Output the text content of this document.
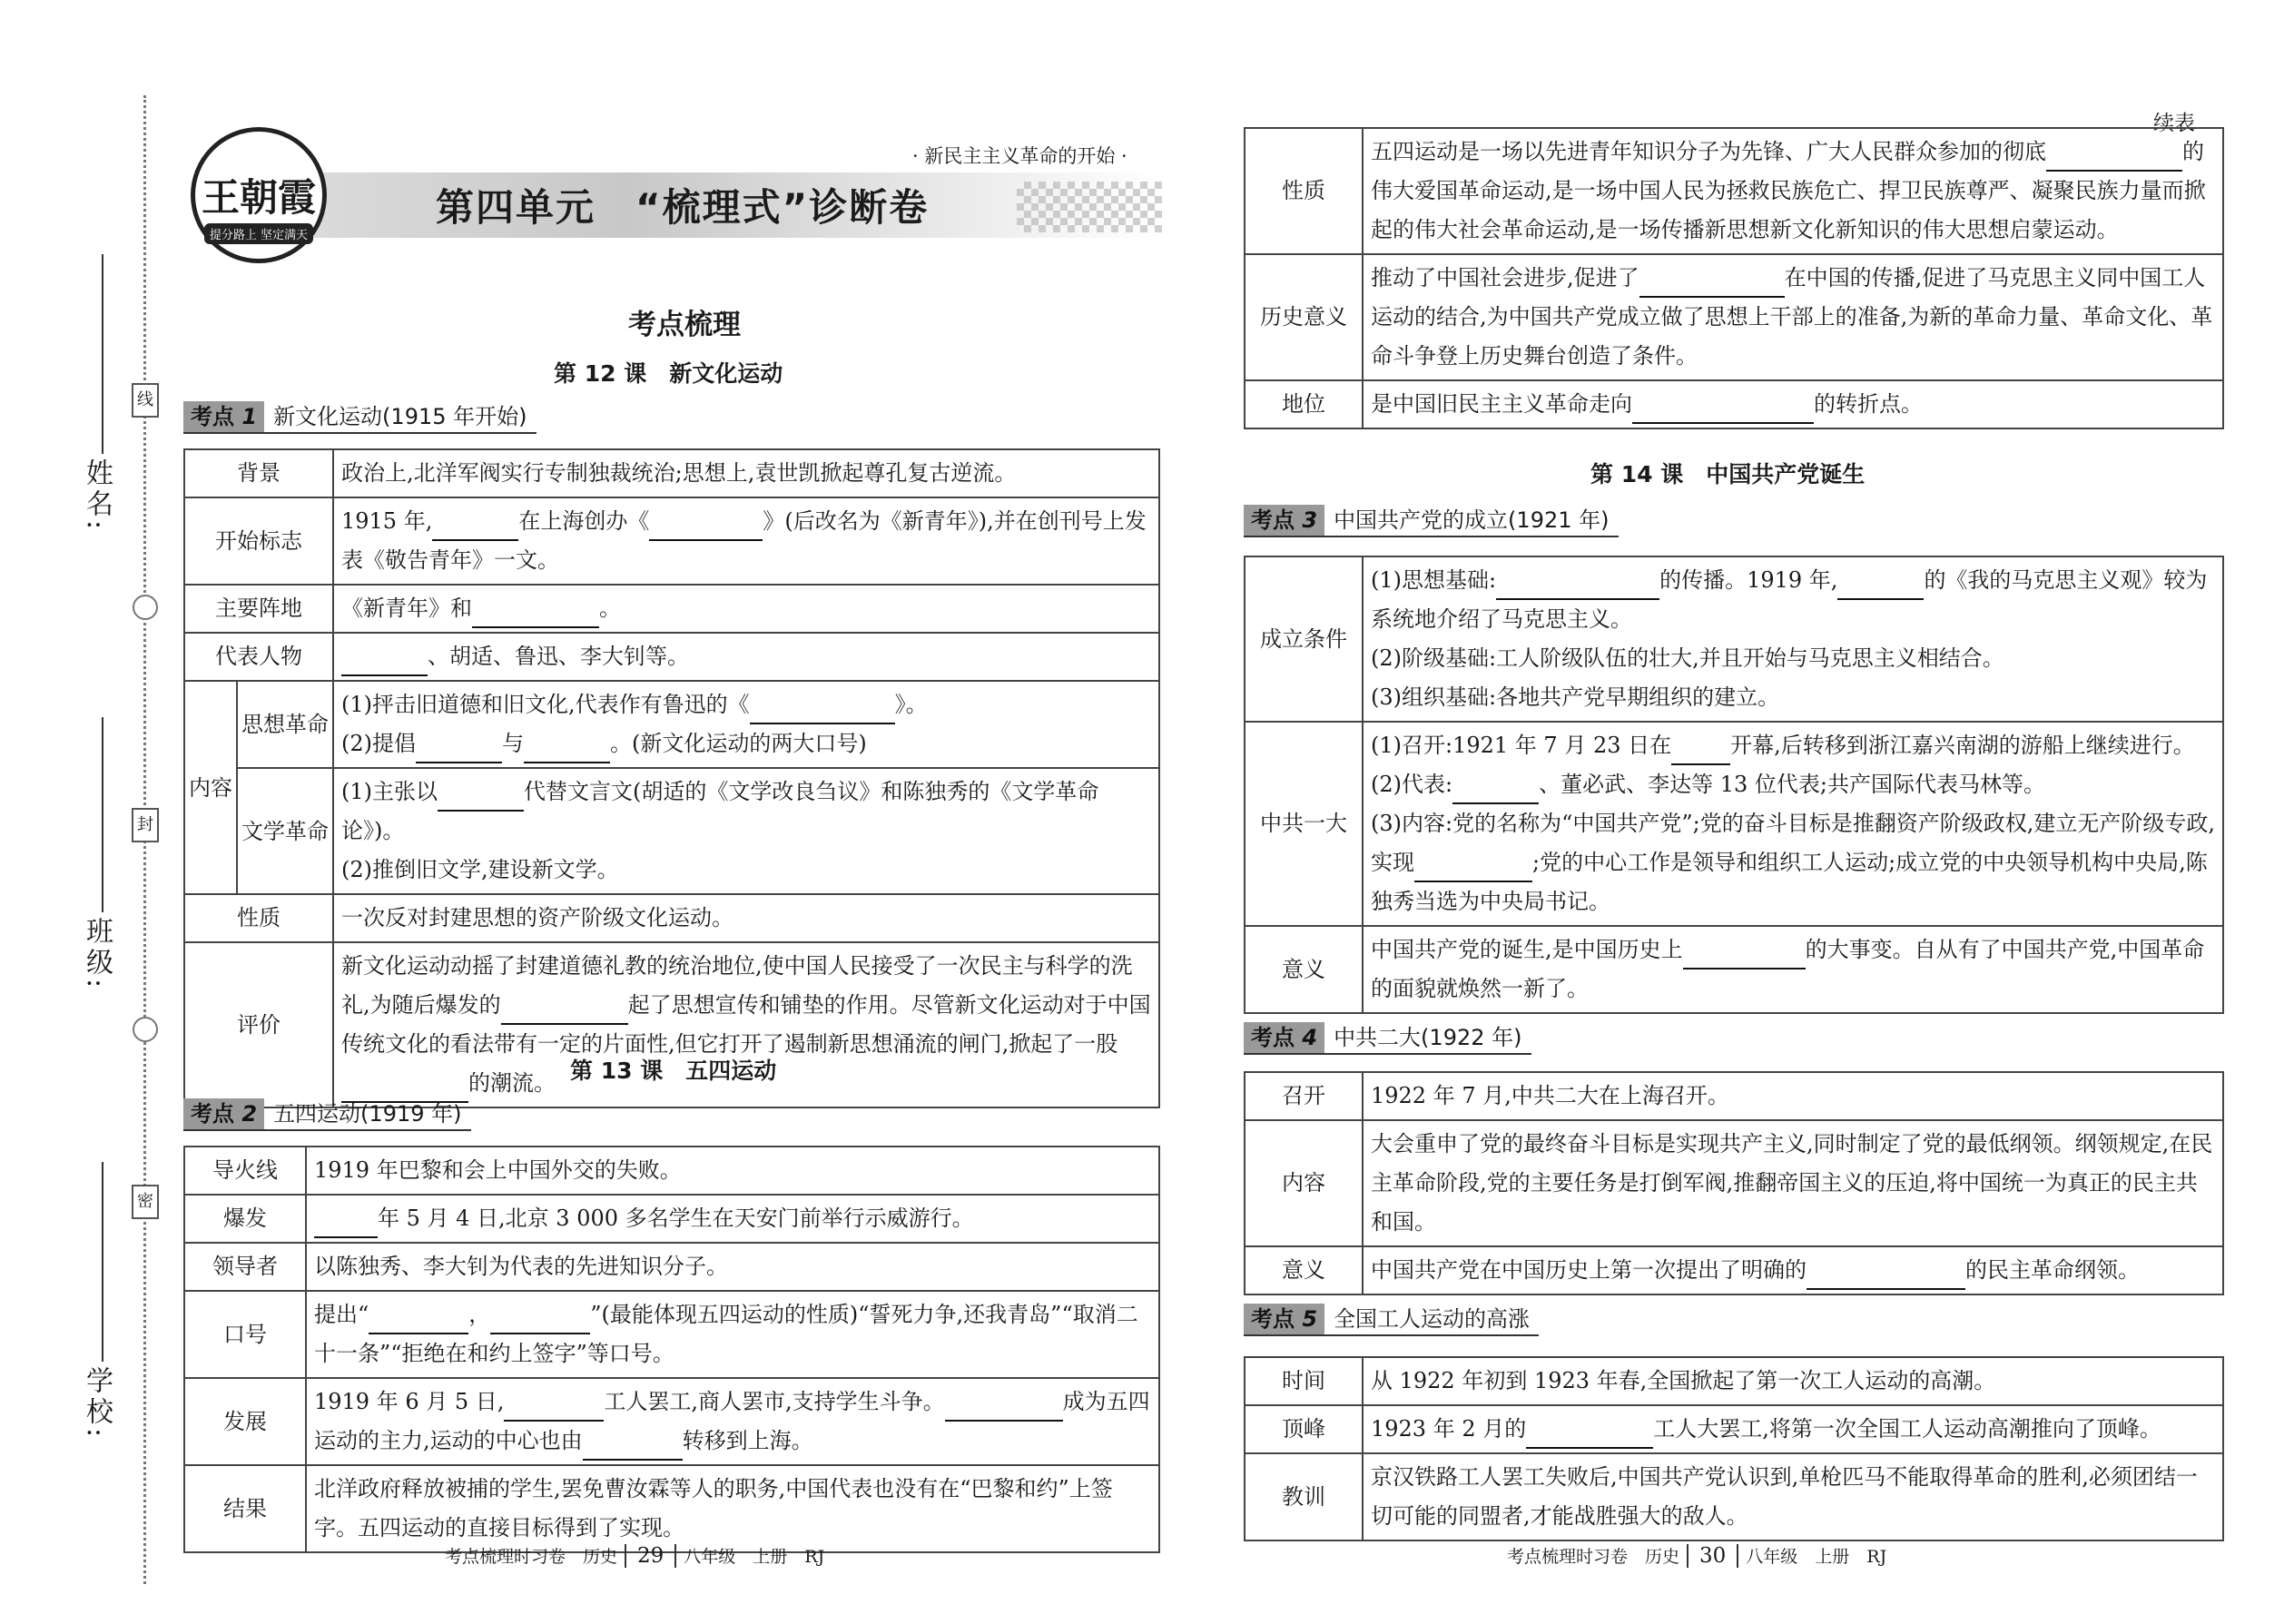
姓名:
班级:
学校:
线
封
密
王朝霞
提分路上 坚定满天
· 新民主主义革命的开始 ·
第四单元　“梳理式”诊断卷
续表
考点梳理
第 12 课　新文化运动
考点 1 新文化运动(1915 年开始)
背景		政治上,北洋军阀实行专制独裁统治;思想上,袁世凯掀起尊孔复古逆流。
开始标志		1915 年, 在上海创办《 》(后改名为《新青年》),并在创刊号上发表《敬告青年》一文。
主要阵地		《新青年》和 。
代表人物		、胡适、鲁迅、李大钊等。
内容	思想革命	(1)抨击旧道德和旧文化,代表作有鲁迅的《 》。
(2)提倡 与 。(新文化运动的两大口号)

	文学革命	(1)主张以 代替文言文(胡适的《文学改良刍议》和陈独秀的《文学革命论》)。
(2)推倒旧文学,建设新文学。

性质		一次反对封建思想的资产阶级文化运动。
评价		新文化运动动摇了封建道德礼教的统治地位,使中国人民接受了一次民主与科学的洗礼,为随后爆发的 起了思想宣传和铺垫的作用。尽管新文化运动对于中国传统文化的看法带有一定的片面性,但它打开了遏制新思想涌流的闸门,掀起了一股的潮流。 第 13 课　五四运动
考点 2 五四运动(1919 年)
导火线	1919 年巴黎和会上中国外交的失败。
爆发	年 5 月 4 日,北京 3 000 多名学生在天安门前举行示威游行。
领导者	以陈独秀、李大钊为代表的先进知识分子。
口号	提出“ ， ”(最能体现五四运动的性质)“誓死力争,还我青岛”“取消二十一条”“拒绝在和约上签字”等口号。
发展	1919 年 6 月 5 日, 工人罢工,商人罢市,支持学生斗争。 成为五四运动的主力,运动的中心也由 转移到上海。
结果	北洋政府释放被捕的学生,罢免曹汝霖等人的职务,中国代表也没有在“巴黎和约”上签字。五四运动的直接目标得到了实现。
考点梳理时习卷　历史 29 八年级　上册　RJ
性质	五四运动是一场以先进青年知识分子为先锋、广大人民群众参加的彻底 的伟大爱国革命运动,是一场中国人民为拯救民族危亡、捍卫民族尊严、凝聚民族力量而掀起的伟大社会革命运动,是一场传播新思想新文化新知识的伟大思想启蒙运动。
历史意义	推动了中国社会进步,促进了 在中国的传播,促进了马克思主义同中国工人运动的结合,为中国共产党成立做了思想上干部上的准备,为新的革命力量、革命文化、革命斗争登上历史舞台创造了条件。
地位	是中国旧民主主义革命走向 的转折点。
第 14 课　中国共产党诞生
考点 3 中国共产党的成立(1921 年)
成立条件	(1)思想基础: 的传播。1919 年, 的《我的马克思主义观》较为系统地介绍了马克思主义。
(2)阶级基础:工人阶级队伍的壮大,并且开始与马克思主义相结合。
(3)组织基础:各地共产党早期组织的建立。

中共一大	(1)召开:1921 年 7 月 23 日在 开幕,后转移到浙江嘉兴南湖的游船上继续进行。
(2)代表: 、董必武、李达等 13 位代表;共产国际代表马林等。
(3)内容:党的名称为“中国共产党”;党的奋斗目标是推翻资产阶级政权,建立无产阶级专政,实现 ;党的中心工作是领导和组织工人运动;成立党的中央领导机构中央局,陈独秀当选为中央局书记。

意义	中国共产党的诞生,是中国历史上 的大事变。自从有了中国共产党,中国革命的面貌就焕然一新了。
考点 4 中共二大(1922 年)
召开	1922 年 7 月,中共二大在上海召开。
内容	大会重申了党的最终奋斗目标是实现共产主义,同时制定了党的最低纲领。纲领规定,在民主革命阶段,党的主要任务是打倒军阀,推翻帝国主义的压迫,将中国统一为真正的民主共和国。
意义	中国共产党在中国历史上第一次提出了明确的 的民主革命纲领。
考点 5 全国工人运动的高涨
时间	从 1922 年初到 1923 年春,全国掀起了第一次工人运动的高潮。
顶峰	1923 年 2 月的 工人大罢工,将第一次全国工人运动高潮推向了顶峰。
教训	京汉铁路工人罢工失败后,中国共产党认识到,单枪匹马不能取得革命的胜利,必须团结一切可能的同盟者,才能战胜强大的敌人。
考点梳理时习卷　历史 30 八年级　上册　RJ
